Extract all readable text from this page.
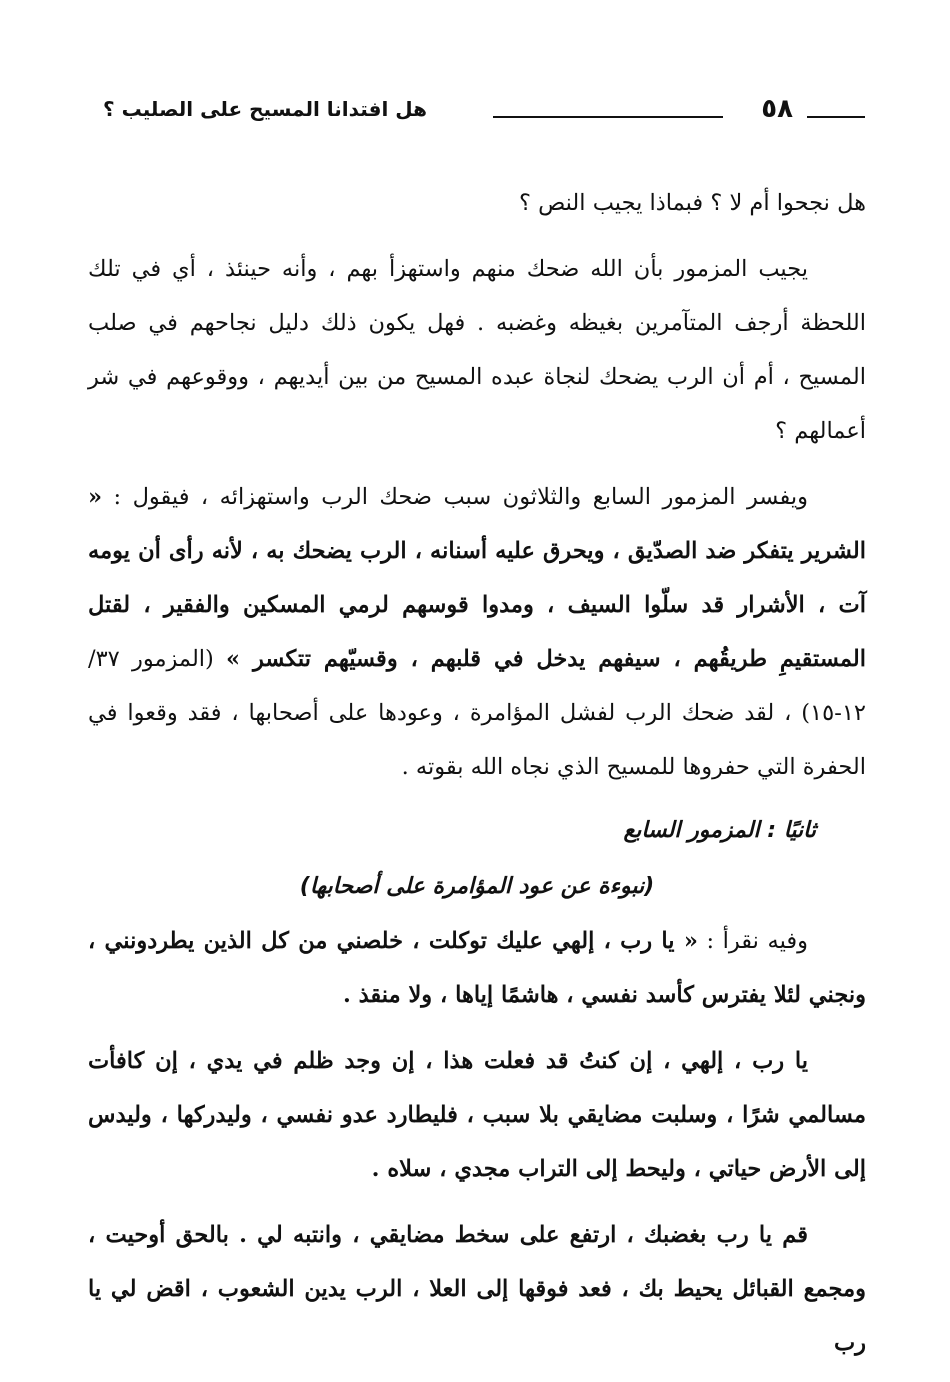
٥٨
هل افتدانا المسيح على الصليب ؟

هل نجحوا أم لا ؟ فبماذا يجيب النص ؟

يجيب المزمور بأن الله ضحك منهم واستهزأ بهم ، وأنه حينئذ ، أي في تلك اللحظة أرجف المتآمرين بغيظه وغضبه . فهل يكون ذلك دليل نجاحهم في صلب المسيح ، أم أن الرب يضحك لنجاة عبده المسيح من بين أيديهم ، ووقوعهم في شر أعمالهم ؟

ويفسر المزمور السابع والثلاثون سبب ضحك الرب واستهزائه ، فيقول : « الشرير يتفكر ضد الصدّيق ، ويحرق عليه أسنانه ، الرب يضحك به ، لأنه رأى أن يومه آت ، الأشرار قد سلّوا السيف ، ومدوا قوسهم لرمي المسكين والفقير ، لقتل المستقيمِ طريقُهم ، سيفهم يدخل في قلبهم ، وقسيّهم تتكسر » (المزمور ٣٧/ ١٢-١٥) ، لقد ضحك الرب لفشل المؤامرة ، وعودها على أصحابها ، فقد وقعوا في الحفرة التي حفروها للمسيح الذي نجاه الله بقوته .

ثانيًا : المزمور السابع
(نبوءة عن عود المؤامرة على أصحابها)

وفيه نقرأ : « يا رب ، إلهي عليك توكلت ، خلصني من كل الذين يطردونني ، ونجني لئلا يفترس كأسد نفسي ، هاشمًا إياها ، ولا منقذ .

يا رب ، إلهي ، إن كنتُ قد فعلت هذا ، إن وجد ظلم في يدي ، إن كافأت مسالمي شرًا ، وسلبت مضايقي بلا سبب ، فليطارد عدو نفسي ، وليدركها ، وليدس إلى الأرض حياتي ، وليحط إلى التراب مجدي ، سلاه .

قم يا رب بغضبك ، ارتفع على سخط مضايقي ، وانتبه لي . بالحق أوحيت ، ومجمع القبائل يحيط بك ، فعد فوقها إلى العلا ، الرب يدين الشعوب ، اقض لي يا رب
